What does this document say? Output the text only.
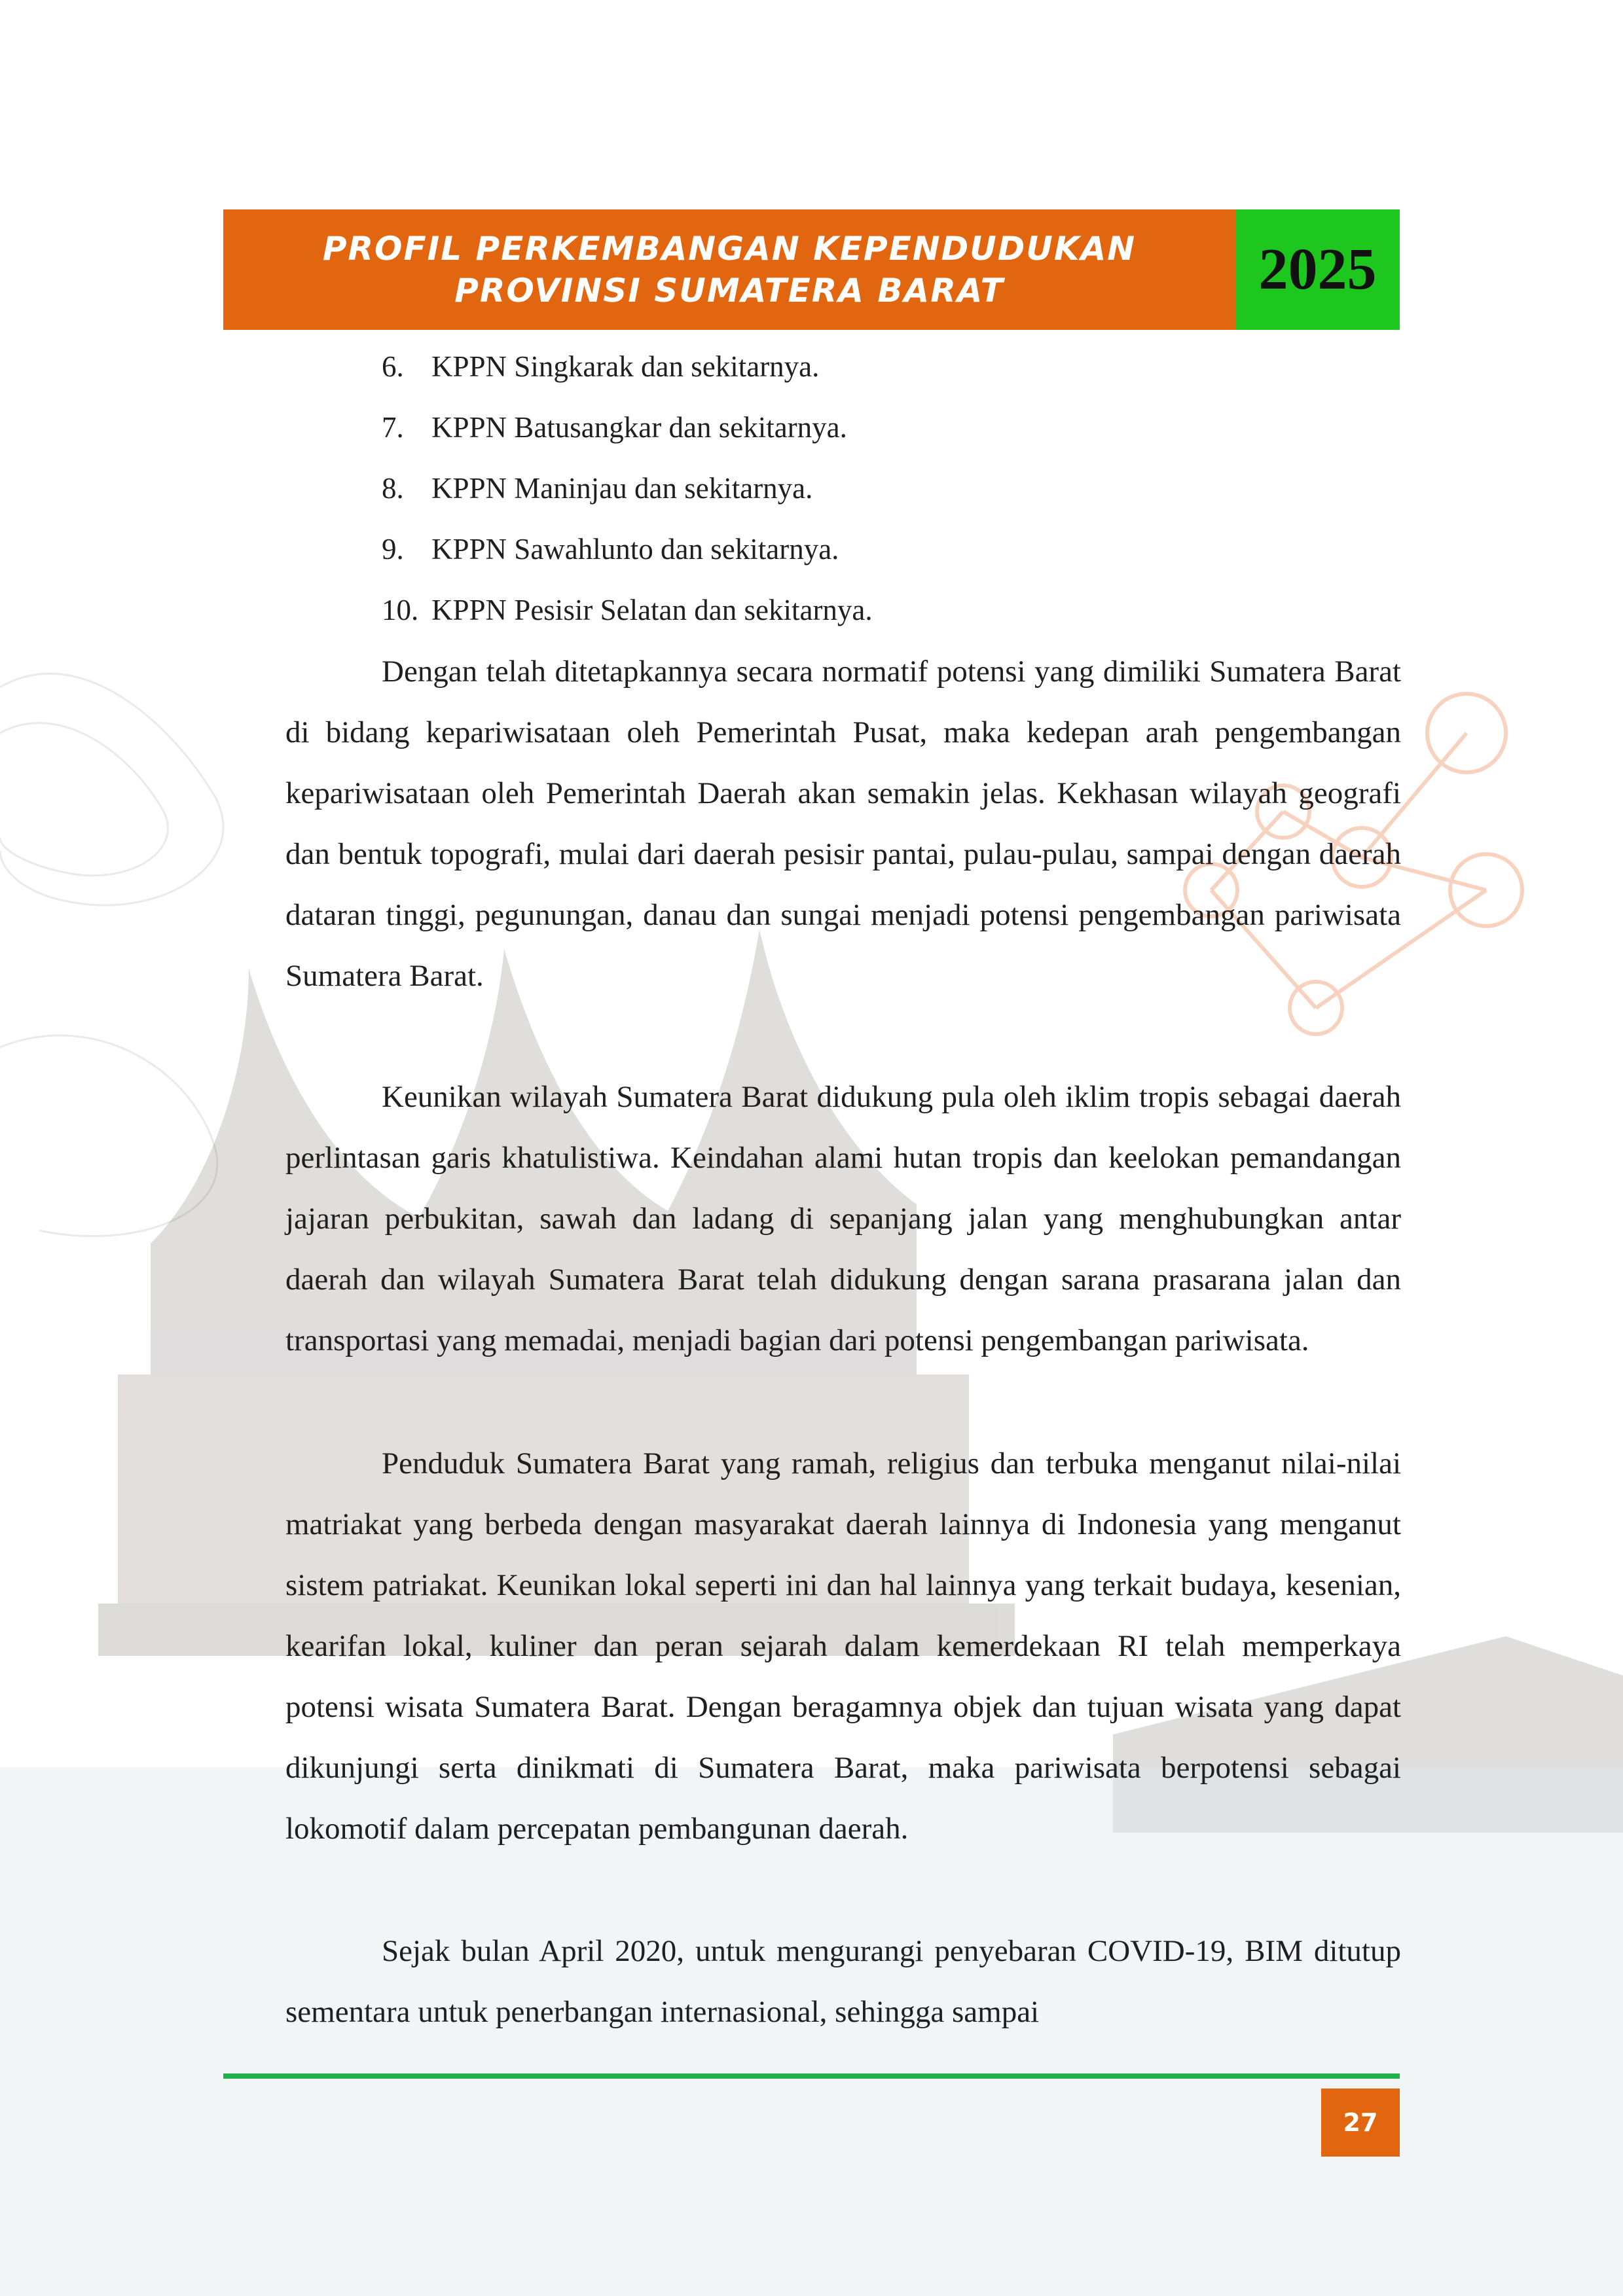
PROFIL PERKEMBANGAN KEPENDUDUKAN
PROVINSI SUMATERA BARAT	2025
6. KPPN Singkarak dan sekitarnya.
7. KPPN Batusangkar dan sekitarnya.
8. KPPN Maninjau dan sekitarnya.
9. KPPN Sawahlunto dan sekitarnya.
10. KPPN Pesisir Selatan dan sekitarnya.

Dengan telah ditetapkannya secara normatif potensi yang dimiliki Sumatera Barat di bidang kepariwisataan oleh Pemerintah Pusat, maka kedepan arah pengembangan kepariwisataan oleh Pemerintah Daerah akan semakin jelas. Kekhasan wilayah geografi dan bentuk topografi, mulai dari daerah pesisir pantai, pulau-pulau, sampai dengan daerah dataran tinggi, pegunungan, danau dan sungai menjadi potensi pengembangan pariwisata Sumatera Barat.

Keunikan wilayah Sumatera Barat didukung pula oleh iklim tropis sebagai daerah perlintasan garis khatulistiwa. Keindahan alami hutan tropis dan keelokan pemandangan jajaran perbukitan, sawah dan ladang di sepanjang jalan yang menghubungkan antar daerah dan wilayah Sumatera Barat telah didukung dengan sarana prasarana jalan dan transportasi yang memadai, menjadi bagian dari potensi pengembangan pariwisata.

Penduduk Sumatera Barat yang ramah, religius dan terbuka menganut nilai-nilai matriakat yang berbeda dengan masyarakat daerah lainnya di Indonesia yang menganut sistem patriakat. Keunikan lokal seperti ini dan hal lainnya yang terkait budaya, kesenian, kearifan lokal, kuliner dan peran sejarah dalam kemerdekaan RI telah memperkaya potensi wisata Sumatera Barat. Dengan beragamnya objek dan tujuan wisata yang dapat dikunjungi serta dinikmati di Sumatera Barat, maka pariwisata berpotensi sebagai lokomotif dalam percepatan pembangunan daerah.

Sejak bulan April 2020, untuk mengurangi penyebaran COVID-19, BIM ditutup sementara untuk penerbangan internasional, sehingga sampai

27
